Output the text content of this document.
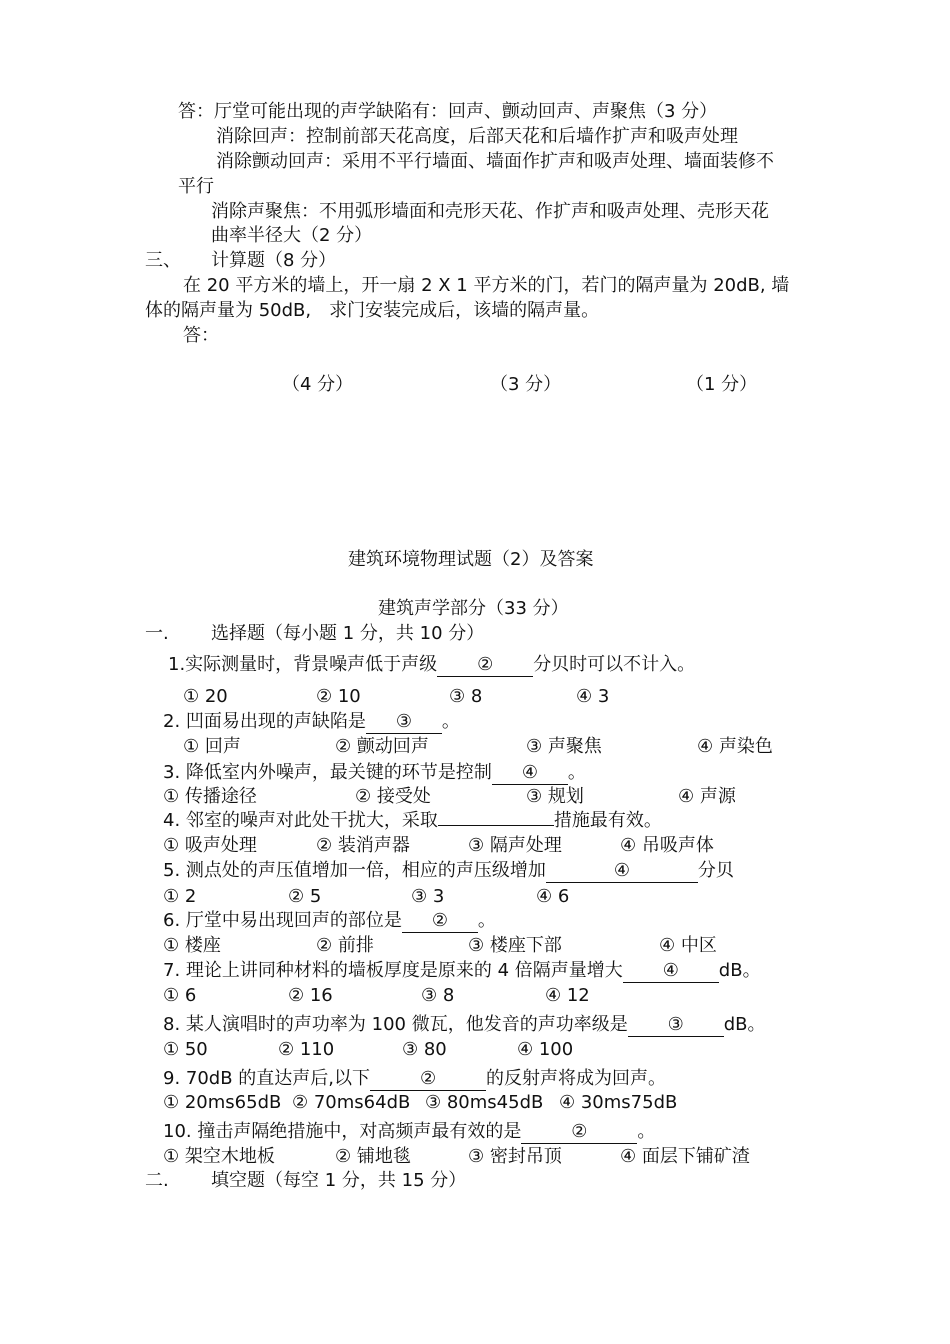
答：厅堂可能出现的声学缺陷有：回声、颤动回声、声聚焦（3 分）
消除回声：控制前部天花高度，后部天花和后墙作扩声和吸声处理
消除颤动回声：采用不平行墙面、墙面作扩声和吸声处理、墙面装修不
平行
消除声聚焦：不用弧形墙面和壳形天花、作扩声和吸声处理、壳形天花
曲率半径大（2 分）
三、 计算题（8 分）
在 20 平方米的墙上，开一扇 2 X 1 平方米的门，若门的隔声量为 20dB, 墙
体的隔声量为 50dB,　求门安装完成后，该墙的隔声量。
答：
（4 分）	（3 分）	（1 分）
建筑环境物理试题（2）及答案
建筑声学部分（33 分）
一. 选择题（每小题 1 分，共 10 分）
1.实际测量时，背景噪声低于声级 ② 分贝时可以不计入。
① 20	② 10	③ 8	④ 3
2. 凹面易出现的声缺陷是 ③ 。
① 回声	② 颤动回声	③ 声聚焦	④ 声染色
3. 降低室内外噪声，最关键的环节是控制 ④ 。
① 传播途径	② 接受处	③ 规划	④ 声源
4. 邻室的噪声对此处干扰大，采取	措施最有效。
① 吸声处理	② 装消声器	③ 隔声处理	④ 吊吸声体
5. 测点处的声压值增加一倍，相应的声压级增加	④	分贝
① 2	② 5	③ 3	④ 6
6. 厅堂中易出现回声的部位是 ② 。
① 楼座	② 前排	③ 楼座下部	④ 中区
7. 理论上讲同种材料的墙板厚度是原来的 4 倍隔声量增大 ④ dB。
① 6	② 16	③ 8	④ 12
8. 某人演唱时的声功率为 100 微瓦，他发音的声功率级是 ③ dB。
① 50	② 110	③ 80	④ 100
9. 70dB 的直达声后,以下	②	的反射声将成为回声。
① 20ms65dB ② 70ms64dB ③ 80ms45dB ④ 30ms75dB
10. 撞击声隔绝措施中，对高频声最有效的是	②	。
① 架空木地板	② 铺地毯	③ 密封吊顶	④ 面层下铺矿渣
二. 填空题（每空 1 分，共 15 分）
